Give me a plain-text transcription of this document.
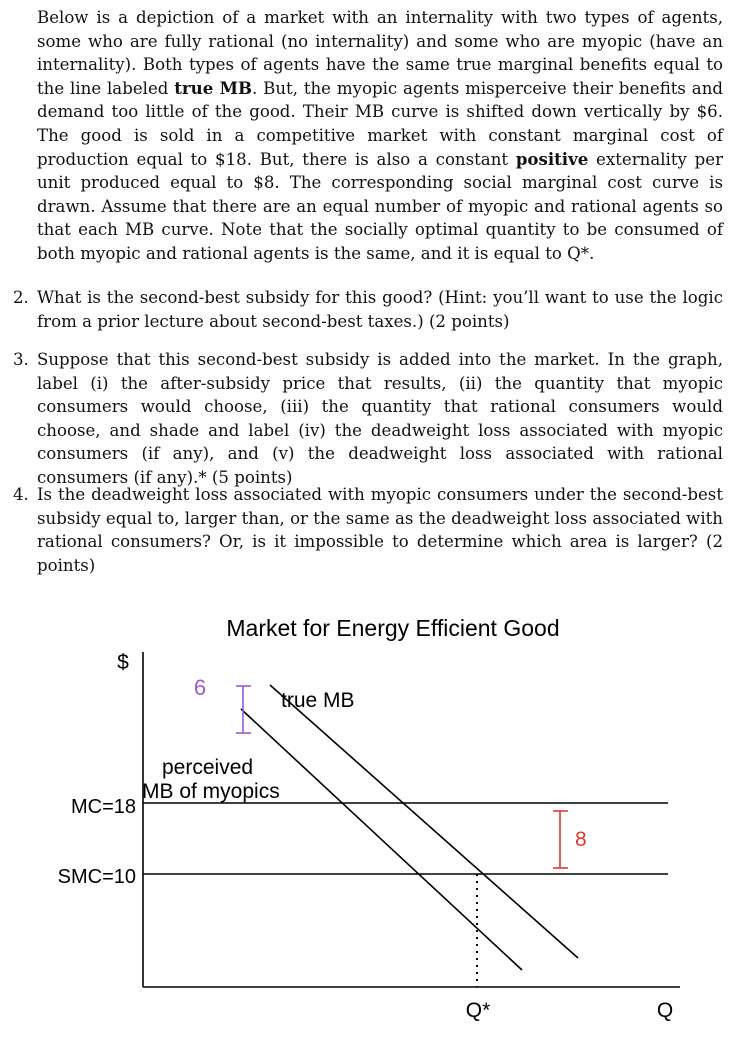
Below is a depiction of a market with an internality with two types of agents, some who are fully rational (no internality) and some who are myopic (have an internality). Both types of agents have the same true marginal benefits equal to the line labeled true MB. But, the myopic agents misperceive their benefits and demand too little of the good. Their MB curve is shifted down vertically by $6. The good is sold in a competitive market with constant marginal cost of production equal to $18. But, there is also a constant positive externality per unit produced equal to $8. The corresponding social marginal cost curve is drawn. Assume that there are an equal number of myopic and rational agents so that each MB curve. Note that the socially optimal quantity to be consumed of both myopic and rational agents is the same, and it is equal to Q*.

2. What is the second-best subsidy for this good? (Hint: you’ll want to use the logic from a prior lecture about second-best taxes.) (2 points)
3. Suppose that this second-best subsidy is added into the market. In the graph, label (i) the after-subsidy price that results, (ii) the quantity that myopic consumers would choose, (iii) the quantity that rational consumers would choose, and shade and label (iv) the deadweight loss associated with myopic consumers (if any), and (v) the deadweight loss associated with rational consumers (if any).* (5 points)
4. Is the deadweight loss associated with myopic consumers under the second-best subsidy equal to, larger than, or the same as the deadweight loss associated with rational consumers? Or, is it impossible to determine which area is larger? (2 points)
Market for Energy Efficient Good
$
Q
MC=18
SMC=10
true MB
perceived
MB of myopics
6
8
Q*
